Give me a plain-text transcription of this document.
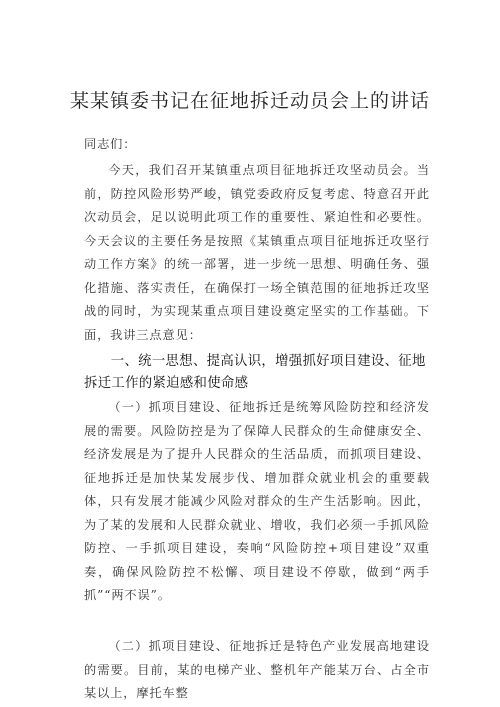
某某镇委书记在征地拆迁动员会上的讲话
同志们：

今天，我们召开某镇重点项目征地拆迁攻坚动员会。当前，防控风险形势严峻，镇党委政府反复考虑、特意召开此次动员会，足以说明此项工作的重要性、紧迫性和必要性。今天会议的主要任务是按照《某镇重点项目征地拆迁攻坚行动工作方案》的统一部署，进一步统一思想、明确任务、强化措施、落实责任，在确保打一场全镇范围的征地拆迁攻坚战的同时，为实现某重点项目建设奠定坚实的工作基础。下面，我讲三点意见：

一、统一思想、提高认识，增强抓好项目建设、征地拆迁工作的紧迫感和使命感

（一）抓项目建设、征地拆迁是统筹风险防控和经济发展的需要。风险防控是为了保障人民群众的生命健康安全、经济发展是为了提升人民群众的生活品质，而抓项目建设、征地拆迁是加快某发展步伐、增加群众就业机会的重要载体，只有发展才能减少风险对群众的生产生活影响。因此，为了某的发展和人民群众就业、增收，我们必须一手抓风险防控、一手抓项目建设，奏响“风险防控+项目建设”双重奏，确保风险防控不松懈、项目建设不停歇，做到“两手抓”“两不误”。

（二）抓项目建设、征地拆迁是特色产业发展高地建设的需要。目前，某的电梯产业、整机年产能某万台、占全市某以上，摩托车整
